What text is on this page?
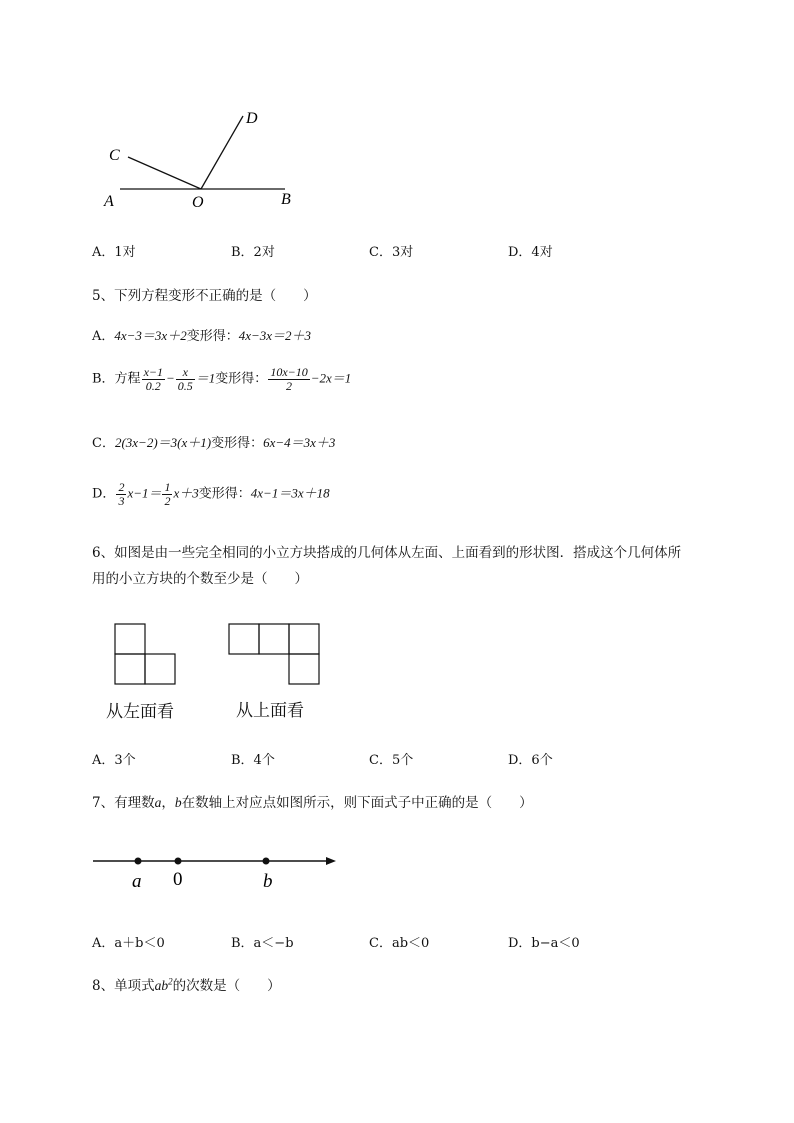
C
D
A	O	B
A．1对	B．2对	C．3对	D．4对
5、下列方程变形不正确的是（　　）
A．4x−3＝3x＋2变形得：4x−3x＝2＋3
B．方程 $\frac{x-1}{0.2} - \frac{x}{0.5} =1$变形得： $\frac{10x-10}{2} -2x=1$
C．2(3x−2)＝3(x＋1)变形得：6x−4＝3x＋3
D． $\frac{2}{3} x-1= \frac{1}{2} x+3$变形得：4x−1＝3x＋18
6、如图是由一些完全相同的小立方块搭成的几何体从左面、上面看到的形状图．搭成这个几何体所
用的小立方块的个数至少是（　　）
从左面看	从上面看
A．3个	B．4个	C．5个	D．6个
7、有理数a，b在数轴上对应点如图所示，则下面式子中正确的是（　　）
a 0	b
A．a＋b＜0	B．a＜−b	C．ab＜0	D．b−a＜0
8、单项式$ab^2$的次数是（　　）
